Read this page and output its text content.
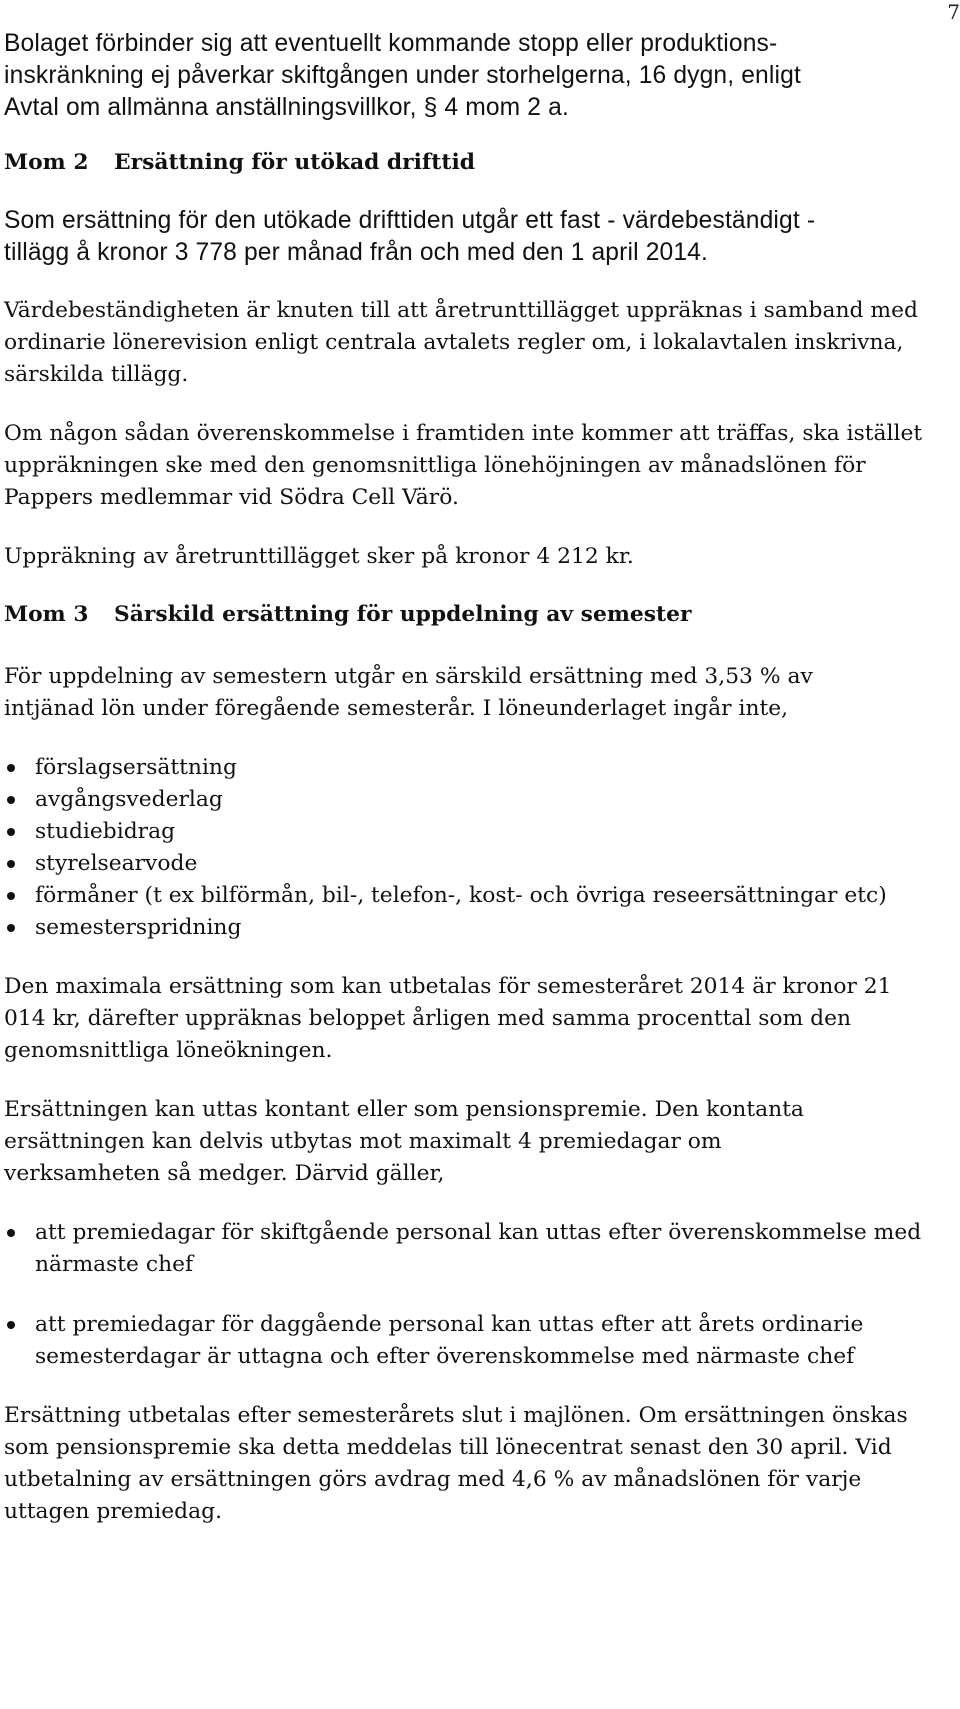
7

Bolaget förbinder sig att eventuellt kommande stopp eller produktions- inskränkning ej påverkar skiftgången under storhelgerna, 16 dygn, enligt Avtal om allmänna anställningsvillkor, § 4 mom 2 a.

Mom 2	Ersättning för utökad drifttid

Som ersättning för den utökade drifttiden utgår ett fast - värdebeständigt - tillägg å kronor 3 778 per månad från och med den 1 april 2014.

Värdebeständigheten är knuten till att åretrunttillägget uppräknas i samband med ordinarie lönerevision enligt centrala avtalets regler om, i lokalavtalen inskrivna, särskilda tillägg.

Om någon sådan överenskommelse i framtiden inte kommer att träffas, ska istället uppräkningen ske med den genomsnittliga lönehöjningen av månadslönen för Pappers medlemmar vid Södra Cell Värö.

Uppräkning av åretrunttillägget sker på kronor 4 212 kr.

Mom 3	Särskild ersättning för uppdelning av semester

För uppdelning av semestern utgår en särskild ersättning med 3,53 % av intjänad lön under föregående semesterår. I löneunderlaget ingår inte,

förslagsersättning
avgångsvederlag
studiebidrag
styrelsearvode
förmåner (t ex bilförmån, bil-, telefon-, kost- och övriga reseersättningar etc)
semesterspridning

Den maximala ersättning som kan utbetalas för semesteråret 2014 är kronor 21 014 kr, därefter uppräknas beloppet årligen med samma procenttal som den genomsnittliga löneökningen.

Ersättningen kan uttas kontant eller som pensionspremie. Den kontanta ersättningen kan delvis utbytas mot maximalt 4 premiedagar om verksamheten så medger. Därvid gäller,

att premiedagar för skiftgående personal kan uttas efter överenskommelse med närmaste chef
att premiedagar för daggående personal kan uttas efter att årets ordinarie semesterdagar är uttagna och efter överenskommelse med närmaste chef

Ersättning utbetalas efter semesterårets slut i majlönen. Om ersättningen önskas som pensionspremie ska detta meddelas till lönecentrat senast den 30 april. Vid utbetalning av ersättningen görs avdrag med 4,6 % av månadslönen för varje uttagen premiedag.
